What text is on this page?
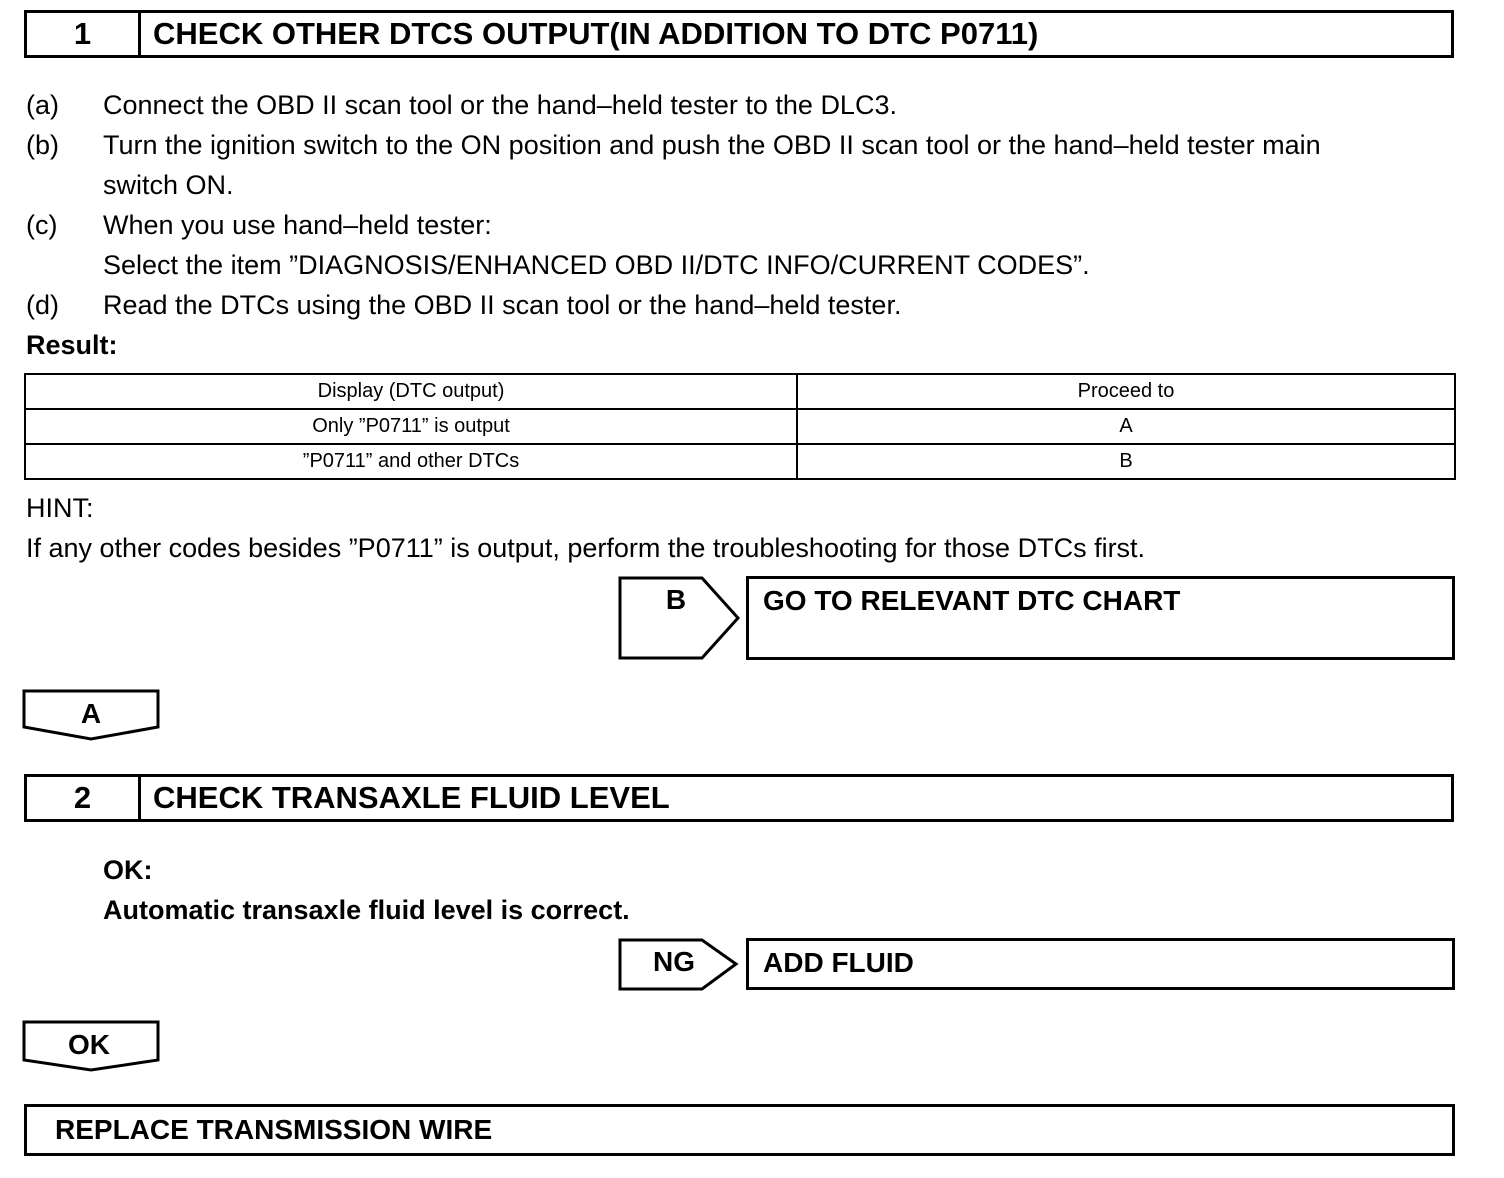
1	CHECK OTHER DTCS OUTPUT(IN ADDITION TO DTC P0711)
(a) Connect the OBD II scan tool or the hand–held tester to the DLC3.
(b) Turn the ignition switch to the ON position and push the OBD II scan tool or the hand–held tester main
switch ON.
(c) When you use hand–held tester:
Select the item ”DIAGNOSIS/ENHANCED OBD II/DTC INFO/CURRENT CODES”.
(d) Read the DTCs using the OBD II scan tool or the hand–held tester.
Result:
Display (DTC output)	Proceed to
Only ”P0711” is output	A
”P0711” and other DTCs	B
HINT:
If any other codes besides ”P0711” is output, perform the troubleshooting for those DTCs first.
B	GO TO RELEVANT DTC CHART
A
2	CHECK TRANSAXLE FLUID LEVEL
OK:
Automatic transaxle fluid level is correct.
NG	ADD FLUID
OK
REPLACE TRANSMISSION WIRE
